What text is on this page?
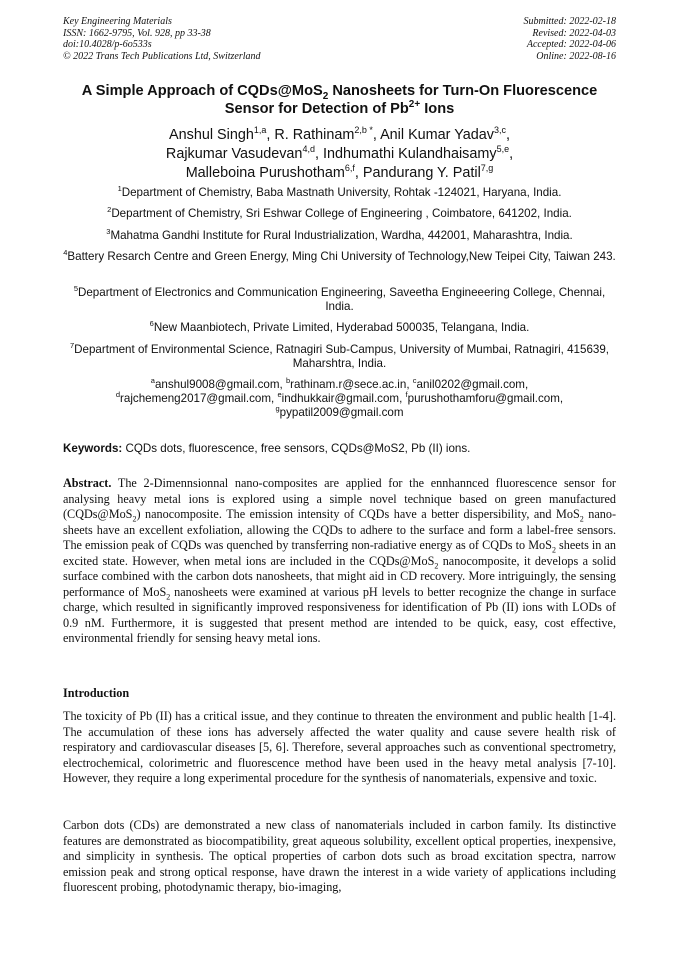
Key Engineering Materials
ISSN: 1662-9795, Vol. 928, pp 33-38
doi:10.4028/p-6o533s
© 2022 Trans Tech Publications Ltd, Switzerland
Submitted: 2022-02-18
Revised: 2022-04-03
Accepted: 2022-04-06
Online: 2022-08-16
A Simple Approach of CQDs@MoS$_2$ Nanosheets for Turn-On Fluorescence Sensor for Detection of $Pb^{2+}$ Ions
Anshul Singh$^{1,a}$, R. Rathinam$^{2,b *}$, Anil Kumar Yadav$^{3,c}$,
Rajkumar Vasudevan$^{4,d}$, Indhumathi Kulandhaisamy$^{5,e}$,
Malleboina Purushotham$^{6,f}$, Pandurang Y. Patil$^{7,g}$
$^1$Department of Chemistry, Baba Mastnath University, Rohtak -124021, Haryana, India.
$^2$Department of Chemistry, Sri Eshwar College of Engineering , Coimbatore, 641202, India.
$^3$Mahatma Gandhi Institute for Rural Industrialization, Wardha, 442001, Maharashtra, India.
$^4$Battery Resarch Centre and Green Energy, Ming Chi University of Technology,New Teipei City, Taiwan 243.
$^5$Department of Electronics and Communication Engineering, Saveetha Engineeering College, Chennai, India.
$^6$New Maanbiotech, Private Limited, Hyderabad 500035, Telangana, India.
$^7$Department of Environmental Science, Ratnagiri Sub-Campus, University of Mumbai, Ratnagiri, 415639, Maharshtra, India.
$^a$anshul9008@gmail.com, $^b$rathinam.r@sece.ac.in, $^c$anil0202@gmail.com,
$^d$rajchemeng2017@gmail.com, $^e$indhukkair@gmail.com, $^f$purushothamforu@gmail.com,
$^g$pypatil2009@gmail.com
Keywords: CQDs dots, fluorescence, free sensors, CQDs@MoS2, Pb (II) ions.
Abstract. The 2-Dimennsionnal nano-composites are applied for the ennhannced fluorescence sensor for analysing heavy metal ions is explored using a simple novel technique based on green manufactured (CQDs@MoS$_2$) nanocomposite. The emission intensity of CQDs have a better dispersibility, and MoS$_2$ nano-sheets have an excellent exfoliation, allowing the CQDs to adhere to the surface and form a label-free sensors. The emission peak of CQDs was quenched by transferring non-radiative energy as of CQDs to MoS$_2$ sheets in an excited state. However, when metal ions are included in the CQDs@MoS$_2$ nanocomposite, it develops a solid surface combined with the carbon dots nanosheets, that might aid in CD recovery. More intriguingly, the sensing performance of MoS$_2$ nanosheets were examined at various pH levels to better recognize the change in surface charge, which resulted in significantly improved responsiveness for identification of Pb (II) ions with LODs of 0.9 nM. Furthermore, it is suggested that present method are intended to be quick, easy, cost effective, environmental friendly for sensing heavy metal ions.
Introduction
The toxicity of Pb (II) has a critical issue, and they continue to threaten the environment and public health [1-4]. The accumulation of these ions has adversely affected the water quality and cause severe health risk of respiratory and cardiovascular diseases [5, 6]. Therefore, several approaches such as conventional spectrometry, electrochemical, colorimetric and fluorescence method have been used in the heavy metal analysis [7-10]. However, they require a long experimental procedure for the synthesis of nanomaterials, expensive and toxic.
Carbon dots (CDs) are demonstrated a new class of nanomaterials included in carbon family. Its distinctive features are demonstrated as biocompatibility, great aqueous solubility, excellent optical properties, inexpensive, and simplicity in synthesis. The optical properties of carbon dots such as broad excitation spectra, narrow emission peak and strong optical response, have drawn the interest in a wide variety of applications including fluorescent probing, photodynamic therapy, bio-imaging,
